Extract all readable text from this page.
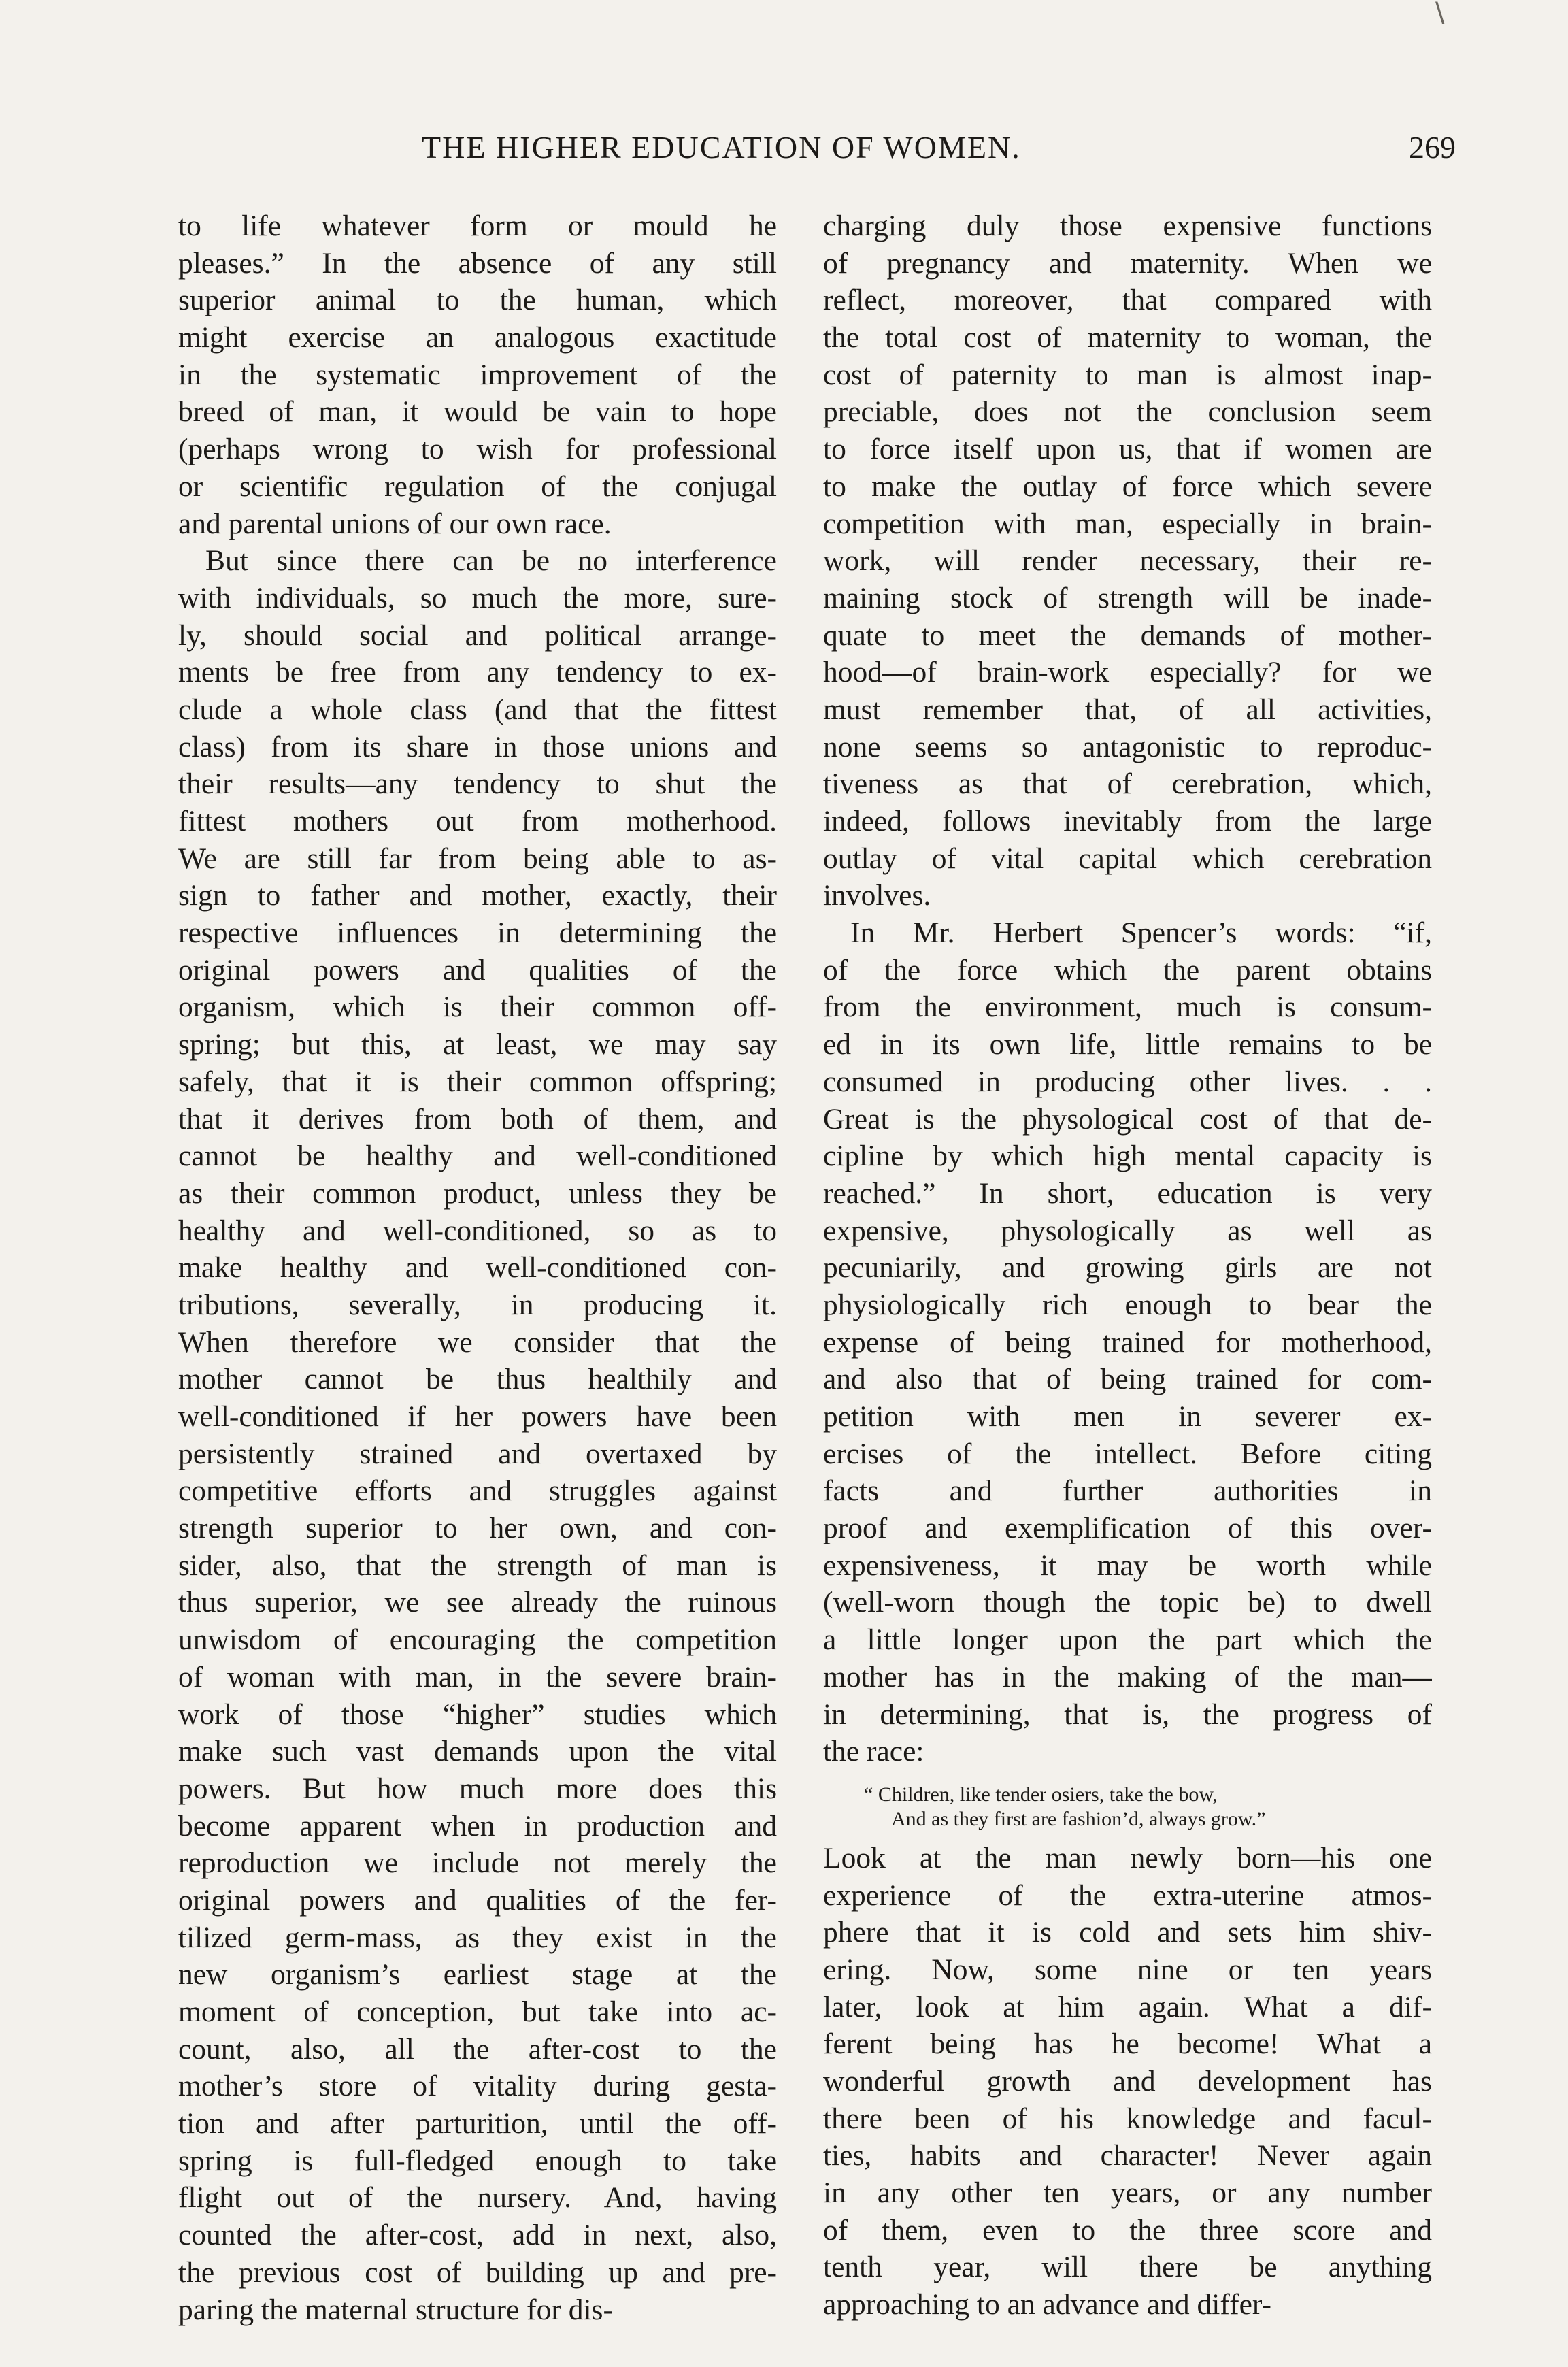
THE HIGHER EDUCATION OF WOMEN.	269
to life whatever form or mould he
pleases.” In the absence of any still
superior animal to the human, which
might exercise an analogous exactitude
in the systematic improvement of the
breed of man, it would be vain to hope
(perhaps wrong to wish for professional
or scientific regulation of the conjugal
and parental unions of our own race.
But since there can be no interference
with individuals, so much the more, sure-
ly, should social and political arrange-
ments be free from any tendency to ex-
clude a whole class (and that the fittest
class) from its share in those unions and
their results—any tendency to shut the
fittest mothers out from motherhood.
We are still far from being able to as-
sign to father and mother, exactly, their
respective influences in determining the
original powers and qualities of the
organism, which is their common off-
spring; but this, at least, we may say
safely, that it is their common offspring;
that it derives from both of them, and
cannot be healthy and well-conditioned
as their common product, unless they be
healthy and well-conditioned, so as to
make healthy and well-conditioned con-
tributions, severally, in producing it.
When therefore we consider that the
mother cannot be thus healthily and
well-conditioned if her powers have been
persistently strained and overtaxed by
competitive efforts and struggles against
strength superior to her own, and con-
sider, also, that the strength of man is
thus superior, we see already the ruinous
unwisdom of encouraging the competition
of woman with man, in the severe brain-
work of those “higher” studies which
make such vast demands upon the vital
powers. But how much more does this
become apparent when in production and
reproduction we include not merely the
original powers and qualities of the fer-
tilized germ-mass, as they exist in the
new organism’s earliest stage at the
moment of conception, but take into ac-
count, also, all the after-cost to the
mother’s store of vitality during gesta-
tion and after parturition, until the off-
spring is full-fledged enough to take
flight out of the nursery. And, having
counted the after-cost, add in next, also,
the previous cost of building up and pre-
paring the maternal structure for dis-
charging duly those expensive functions
of pregnancy and maternity. When we
reflect, moreover, that compared with
the total cost of maternity to woman, the
cost of paternity to man is almost inap-
preciable, does not the conclusion seem
to force itself upon us, that if women are
to make the outlay of force which severe
competition with man, especially in brain-
work, will render necessary, their re-
maining stock of strength will be inade-
quate to meet the demands of mother-
hood—of brain-work especially? for we
must remember that, of all activities,
none seems so antagonistic to reproduc-
tiveness as that of cerebration, which,
indeed, follows inevitably from the large
outlay of vital capital which cerebration
involves.
In Mr. Herbert Spencer’s words: “if,
of the force which the parent obtains
from the environment, much is consum-
ed in its own life, little remains to be
consumed in producing other lives. . .
Great is the physological cost of that de-
cipline by which high mental capacity is
reached.” In short, education is very
expensive, physologically as well as
pecuniarily, and growing girls are not
physiologically rich enough to bear the
expense of being trained for motherhood,
and also that of being trained for com-
petition with men in severer ex-
ercises of the intellect. Before citing
facts and further authorities in
proof and exemplification of this over-
expensiveness, it may be worth while
(well-worn though the topic be) to dwell
a little longer upon the part which the
mother has in the making of the man—
in determining, that is, the progress of
the race:
“ Children, like tender osiers, take the bow,
And as they first are fashion’d, always grow.”
Look at the man newly born—his one
experience of the extra-uterine atmos-
phere that it is cold and sets him shiv-
ering. Now, some nine or ten years
later, look at him again. What a dif-
ferent being has he become! What a
wonderful growth and development has
there been of his knowledge and facul-
ties, habits and character! Never again
in any other ten years, or any number
of them, even to the three score and
tenth year, will there be anything
approaching to an advance and differ-
\
